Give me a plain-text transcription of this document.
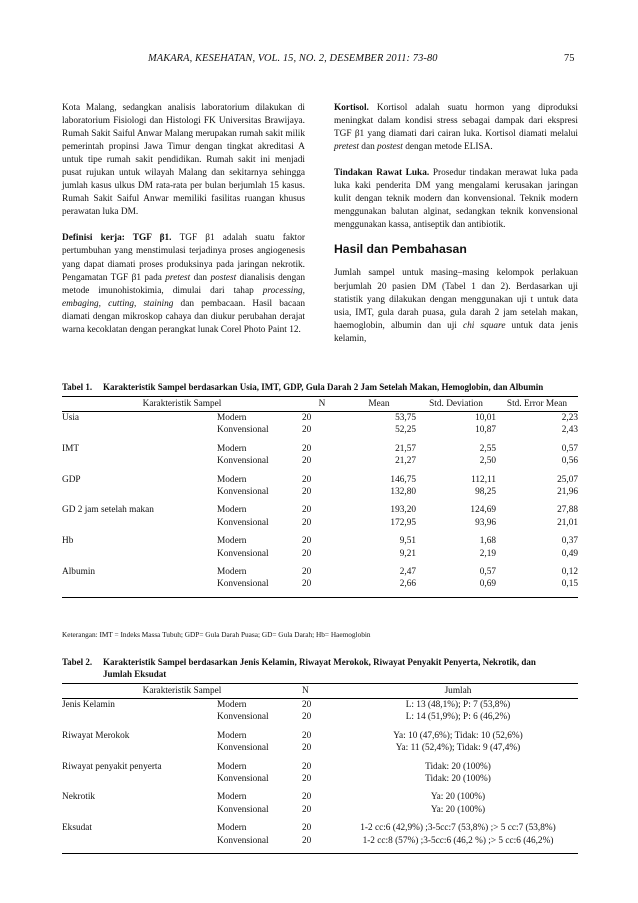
MAKARA, KESEHATAN, VOL. 15, NO. 2, DESEMBER 2011: 73-80	75

Kota Malang, sedangkan analisis laboratorium dilakukan di laboratorium Fisiologi dan Histologi FK Universitas Brawijaya. Rumah Sakit Saiful Anwar Malang merupakan rumah sakit milik pemerintah propinsi Jawa Timur dengan tingkat akreditasi A untuk tipe rumah sakit pendidikan. Rumah sakit ini menjadi pusat rujukan untuk wilayah Malang dan sekitarnya sehingga jumlah kasus ulkus DM rata-rata per bulan berjumlah 15 kasus. Rumah Sakit Saiful Anwar memiliki fasilitas ruangan khusus perawatan luka DM.

Definisi kerja: TGF β1. TGF β1 adalah suatu faktor pertumbuhan yang menstimulasi terjadinya proses angiogenesis yang dapat diamati proses produksinya pada jaringan nekrotik. Pengamatan TGF β1 pada pretest dan postest dianalisis dengan metode imunohistokimia, dimulai dari tahap processing, embaging, cutting, staining dan pembacaan. Hasil bacaan diamati dengan mikroskop cahaya dan diukur perubahan derajat warna kecoklatan dengan perangkat lunak Corel Photo Paint 12.

Kortisol. Kortisol adalah suatu hormon yang diproduksi meningkat dalam kondisi stress sebagai dampak dari ekspresi TGF β1 yang diamati dari cairan luka. Kortisol diamati melalui pretest dan postest dengan metode ELISA.

Tindakan Rawat Luka. Prosedur tindakan merawat luka pada luka kaki penderita DM yang mengalami kerusakan jaringan kulit dengan teknik modern dan konvensional. Teknik modern menggunakan balutan alginat, sedangkan teknik konvensional menggunakan kassa, antiseptik dan antibiotik.

Hasil dan Pembahasan

Jumlah sampel untuk masing–masing kelompok perlakuan berjumlah 20 pasien DM (Tabel 1 dan 2). Berdasarkan uji statistik yang dilakukan dengan menggunakan uji t untuk data usia, IMT, gula darah puasa, gula darah 2 jam setelah makan, haemoglobin, albumin dan uji chi square untuk data jenis kelamin,

Tabel 1. Karakteristik Sampel berdasarkan Usia, IMT, GDP, Gula Darah 2 Jam Setelah Makan, Hemoglobin, dan Albumin
Karakteristik Sampel		N	Mean	Std. Deviation	Std. Error Mean
Usia	Modern	20	53,75	10,01	2,23
	Konvensional	20	52,25	10,87	2,43
IMT	Modern	20	21,57	2,55	0,57
	Konvensional	20	21,27	2,50	0,56
GDP	Modern	20	146,75	112,11	25,07
	Konvensional	20	132,80	98,25	21,96
GD 2 jam setelah makan	Modern	20	193,20	124,69	27,88
	Konvensional	20	172,95	93,96	21,01
Hb	Modern	20	9,51	1,68	0,37
	Konvensional	20	9,21	2,19	0,49
Albumin	Modern	20	2,47	0,57	0,12
	Konvensional	20	2,66	0,69	0,15
Keterangan: IMT = Indeks Massa Tubuh; GDP= Gula Darah Puasa; GD= Gula Darah; Hb= Haemoglobin
Tabel 2. Karakteristik Sampel berdasarkan Jenis Kelamin, Riwayat Merokok, Riwayat Penyakit Penyerta, Nekrotik, dan
Jumlah Eksudat
Karakteristik Sampel		N	Jumlah
Jenis Kelamin	Modern	20	L: 13 (48,1%); P: 7 (53,8%)
	Konvensional	20	L: 14 (51,9%); P: 6 (46,2%)
Riwayat Merokok	Modern	20	Ya: 10 (47,6%); Tidak: 10 (52,6%)
	Konvensional	20	Ya: 11 (52,4%); Tidak: 9 (47,4%)
Riwayat penyakit penyerta	Modern	20	Tidak: 20 (100%)
	Konvensional	20	Tidak: 20 (100%)
Nekrotik	Modern	20	Ya: 20 (100%)
	Konvensional	20	Ya: 20 (100%)
Eksudat	Modern	20	1-2 cc:6 (42,9%) ;3-5cc:7 (53,8%) ;> 5 cc:7 (53,8%)
	Konvensional	20	1-2 cc:8 (57%) ;3-5cc:6 (46,2 %) ;> 5 cc:6 (46,2%)
